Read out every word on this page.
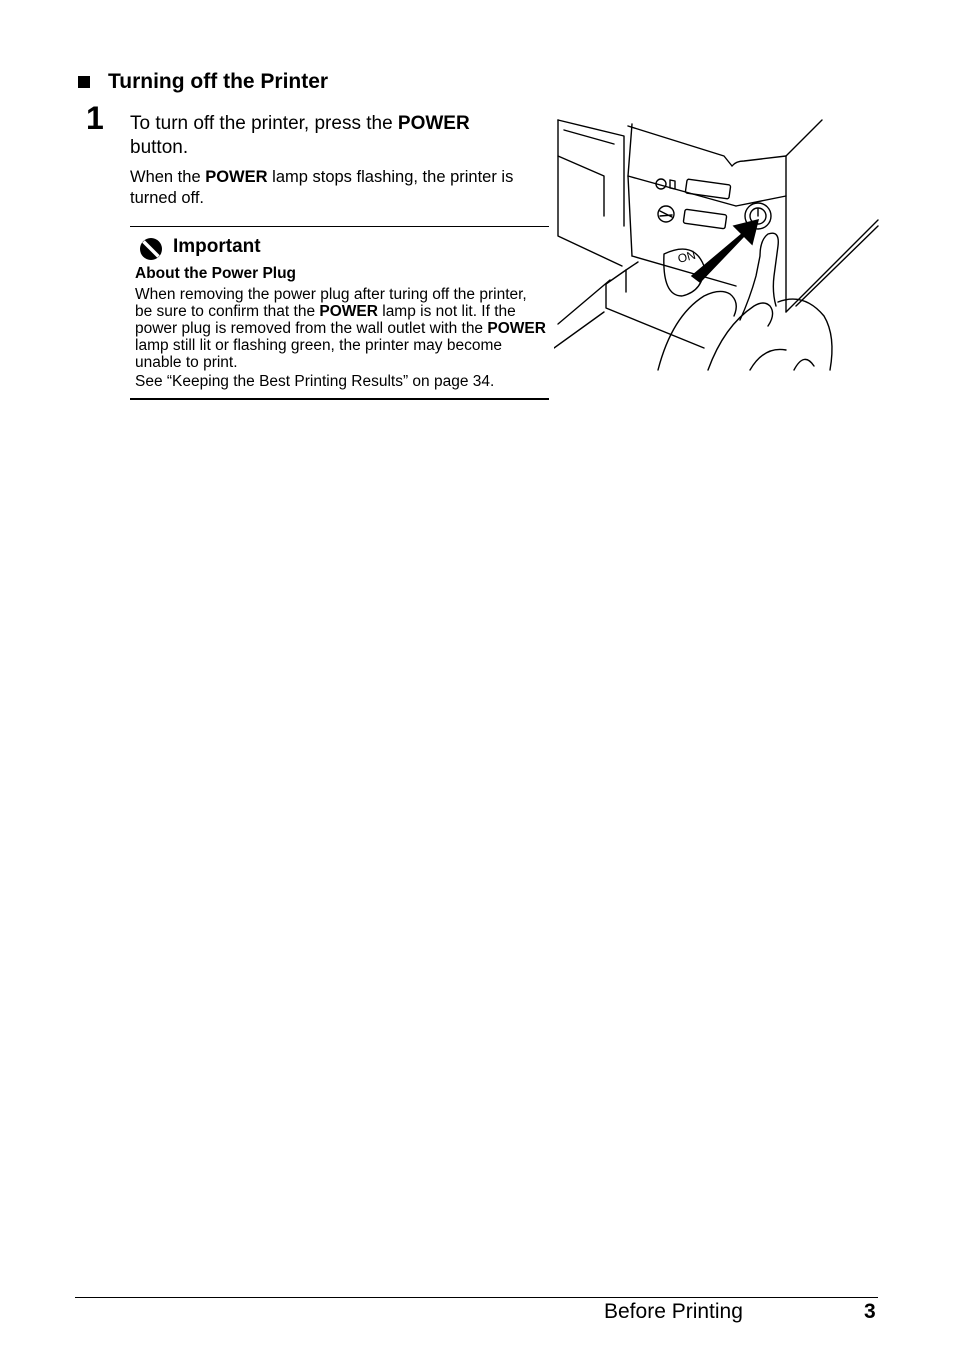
Turning off the Printer
1 To turn off the printer, press the POWER button.
When the POWER lamp stops flashing, the printer is turned off.
Important
About the Power Plug
When removing the power plug after turing off the printer, be sure to confirm that the POWER lamp is not lit. If the power plug is removed from the wall outlet with the POWER lamp still lit or flashing green, the printer may become unable to print.
See “Keeping the Best Printing Results” on page 34.
ON
Before Printing	3
